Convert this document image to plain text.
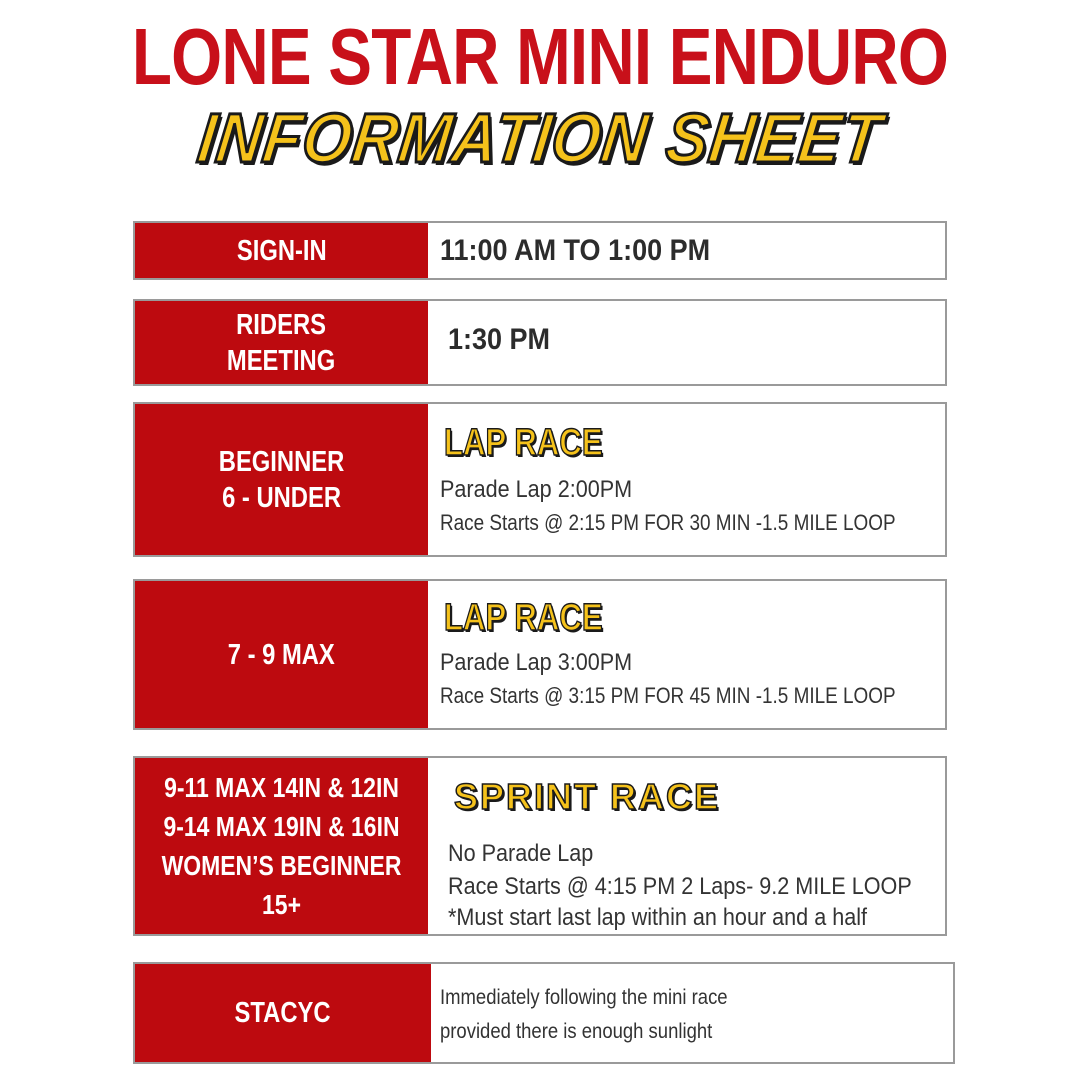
LONE STAR MINI ENDURO
INFORMATION SHEET
SIGN-IN	11:00 AM TO 1:00 PM
RIDERS
MEETING
1:30 PM
BEGINNER
6 - UNDER
LAP RACE
Parade Lap 2:00PM
Race Starts @ 2:15 PM FOR 30 MIN -1.5 MILE LOOP
7 - 9 MAX
LAP RACE
Parade Lap 3:00PM
Race Starts @ 3:15 PM FOR 45 MIN -1.5 MILE LOOP
9-11 MAX 14IN & 12IN
9-14 MAX 19IN & 16IN
WOMEN’S BEGINNER 15+
SPRINT RACE
No Parade Lap
Race Starts @ 4:15 PM 2 Laps- 9.2 MILE LOOP
*Must start last lap within an hour and a half
STACYC	Immediately following the mini race
provided there is enough sunlight
